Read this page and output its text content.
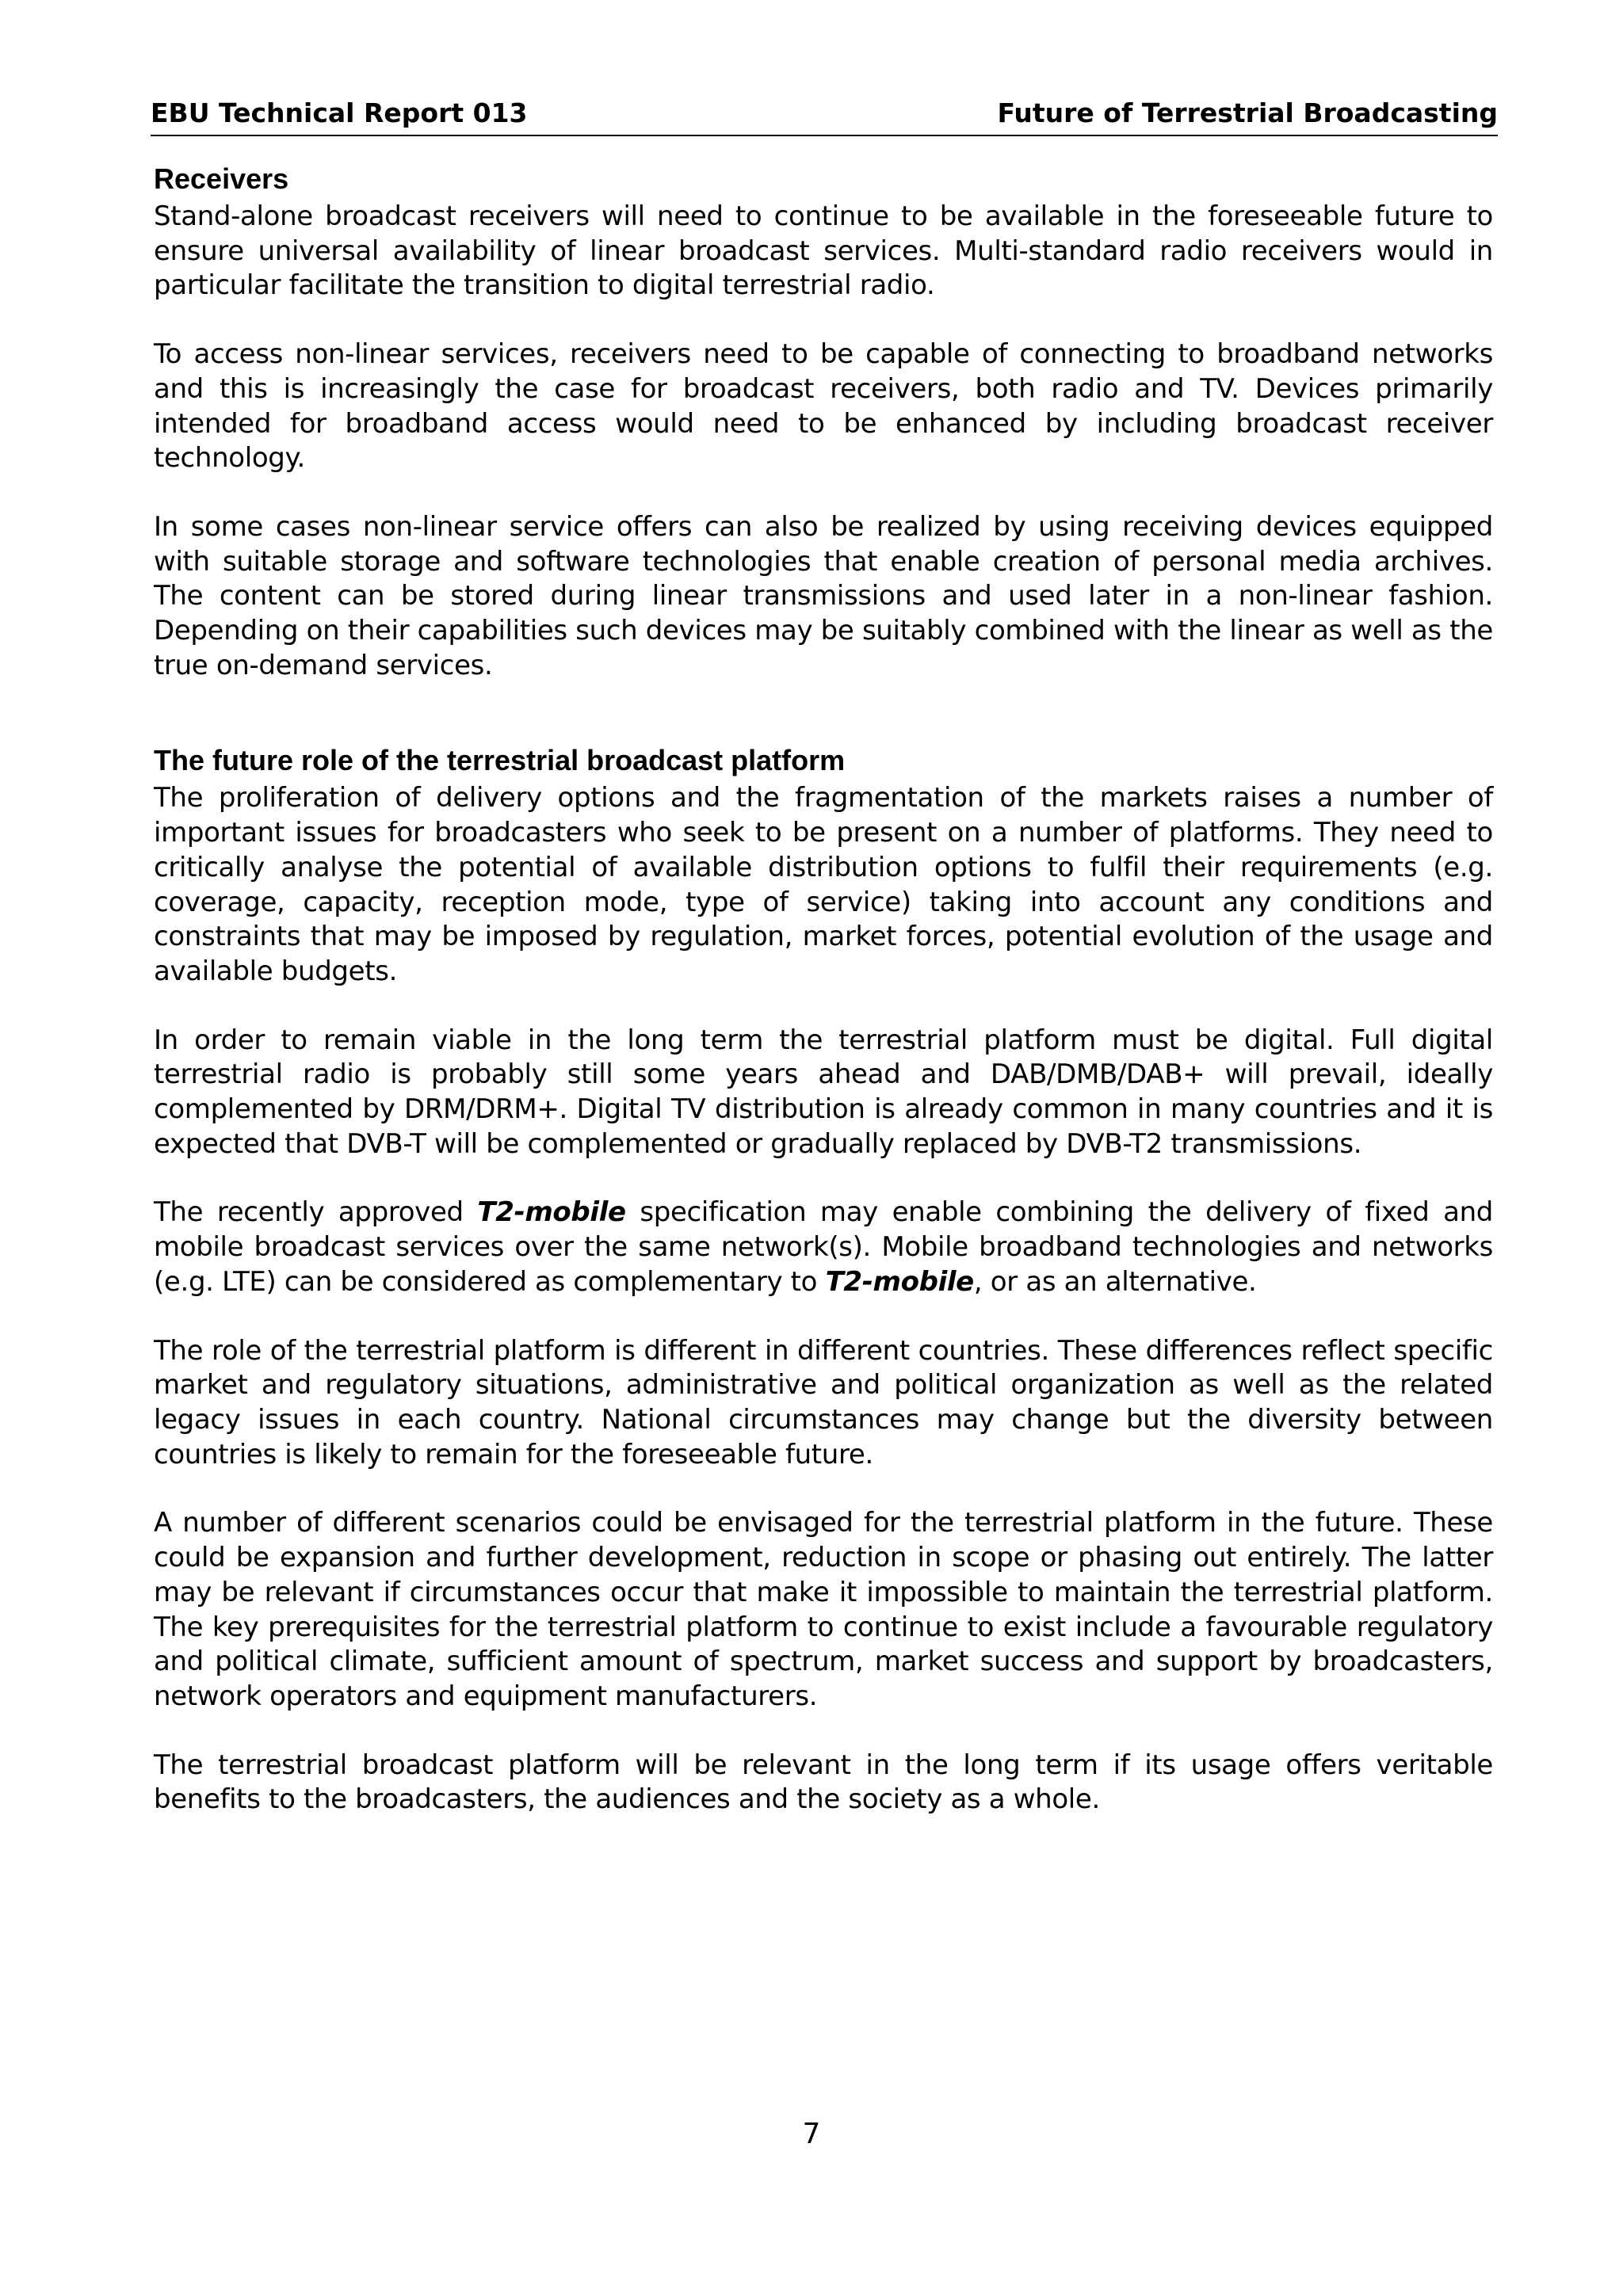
EBU Technical Report 013	Future of Terrestrial Broadcasting
Receivers

Stand-alone broadcast receivers will need to continue to be available in the foreseeable future to ensure universal availability of linear broadcast services. Multi-standard radio receivers would in particular facilitate the transition to digital terrestrial radio.

To access non-linear services, receivers need to be capable of connecting to broadband networks and this is increasingly the case for broadcast receivers, both radio and TV. Devices primarily intended for broadband access would need to be enhanced by including broadcast receiver technology.

In some cases non-linear service offers can also be realized by using receiving devices equipped with suitable storage and software technologies that enable creation of personal media archives. The content can be stored during linear transmissions and used later in a non-linear fashion. Depending on their capabilities such devices may be suitably combined with the linear as well as the true on-demand services.

The future role of the terrestrial broadcast platform

The proliferation of delivery options and the fragmentation of the markets raises a number of important issues for broadcasters who seek to be present on a number of platforms. They need to critically analyse the potential of available distribution options to fulfil their requirements (e.g. coverage, capacity, reception mode, type of service) taking into account any conditions and constraints that may be imposed by regulation, market forces, potential evolution of the usage and available budgets.

In order to remain viable in the long term the terrestrial platform must be digital. Full digital terrestrial radio is probably still some years ahead and DAB/DMB/DAB+ will prevail, ideally complemented by DRM/DRM+. Digital TV distribution is already common in many countries and it is expected that DVB-T will be complemented or gradually replaced by DVB-T2 transmissions.

The recently approved T2-mobile specification may enable combining the delivery of fixed and mobile broadcast services over the same network(s). Mobile broadband technologies and networks (e.g. LTE) can be considered as complementary to T2-mobile, or as an alternative.

The role of the terrestrial platform is different in different countries. These differences reflect specific market and regulatory situations, administrative and political organization as well as the related legacy issues in each country. National circumstances may change but the diversity between countries is likely to remain for the foreseeable future.

A number of different scenarios could be envisaged for the terrestrial platform in the future. These could be expansion and further development, reduction in scope or phasing out entirely. The latter may be relevant if circumstances occur that make it impossible to maintain the terrestrial platform. The key prerequisites for the terrestrial platform to continue to exist include a favourable regulatory and political climate, sufficient amount of spectrum, market success and support by broadcasters, network operators and equipment manufacturers.

The terrestrial broadcast platform will be relevant in the long term if its usage offers veritable benefits to the broadcasters, the audiences and the society as a whole.

7
